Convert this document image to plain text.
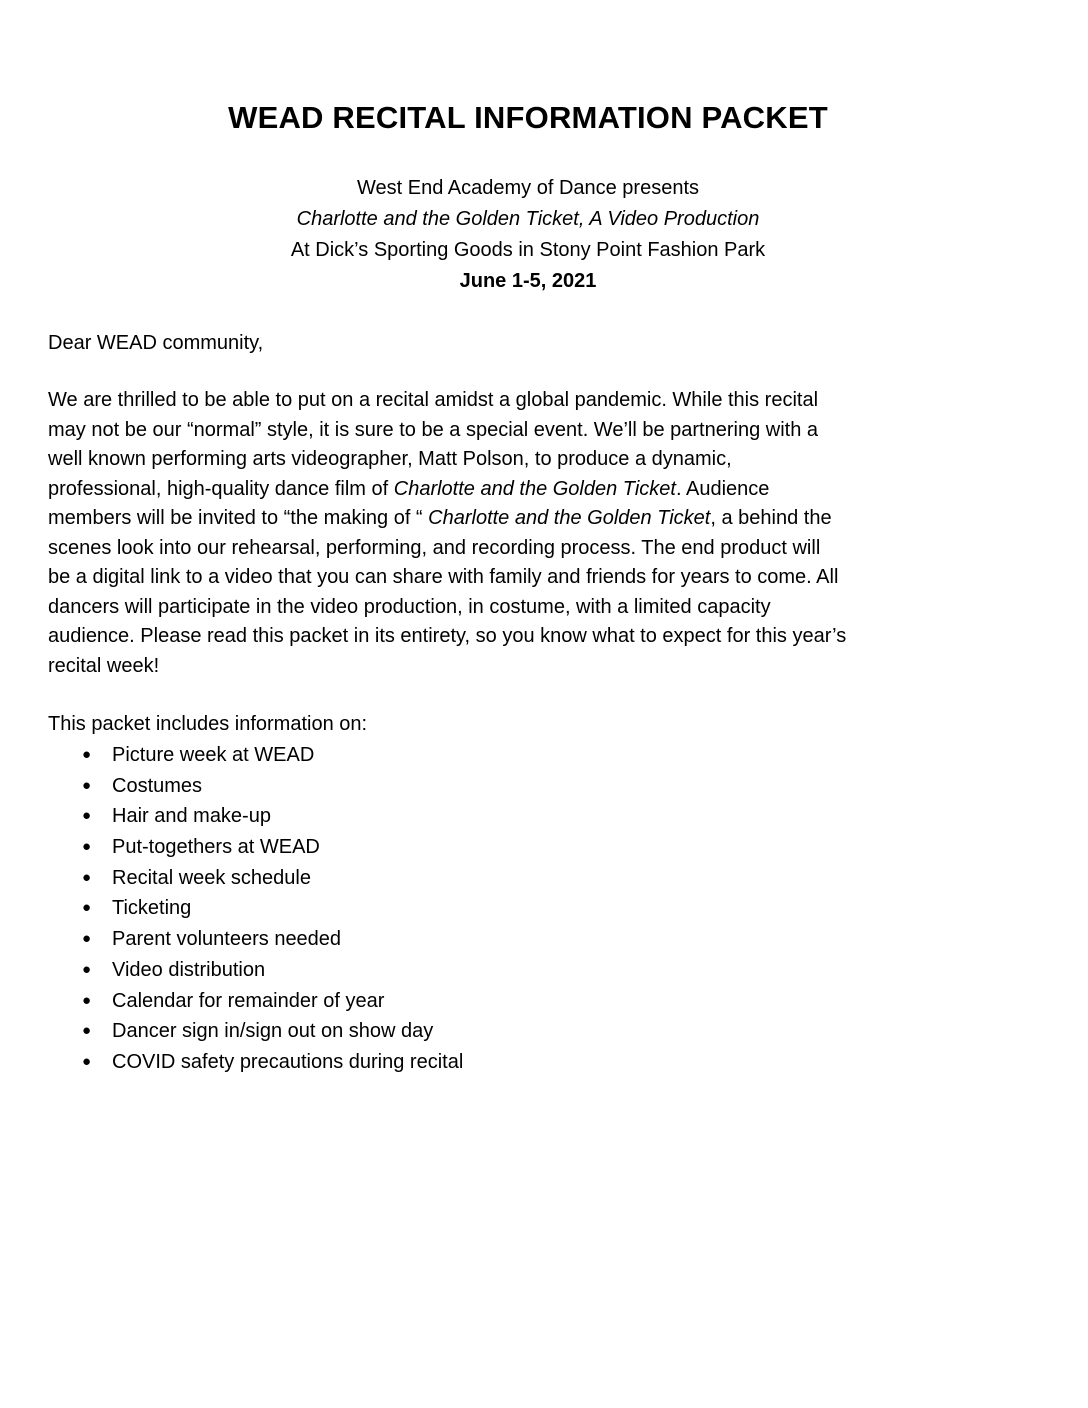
WEAD RECITAL INFORMATION PACKET
West End Academy of Dance presents
Charlotte and the Golden Ticket, A Video Production
At Dick’s Sporting Goods in Stony Point Fashion Park
June 1-5, 2021
Dear WEAD community,
We are thrilled to be able to put on a recital amidst a global pandemic. While this recital
may not be our “normal” style, it is sure to be a special event. We’ll be partnering with a
well known performing arts videographer, Matt Polson, to produce a dynamic,
professional, high-quality dance film of Charlotte and the Golden Ticket. Audience
members will be invited to “the making of “ Charlotte and the Golden Ticket, a behind the
scenes look into our rehearsal, performing, and recording process. The end product will
be a digital link to a video that you can share with family and friends for years to come. All
dancers will participate in the video production, in costume, with a limited capacity
audience. Please read this packet in its entirety, so you know what to expect for this year’s
recital week!
This packet includes information on:
● Picture week at WEAD
● Costumes
● Hair and make-up
● Put-togethers at WEAD
● Recital week schedule
● Ticketing
● Parent volunteers needed
● Video distribution
● Calendar for remainder of year
● Dancer sign in/sign out on show day
● COVID safety precautions during recital
